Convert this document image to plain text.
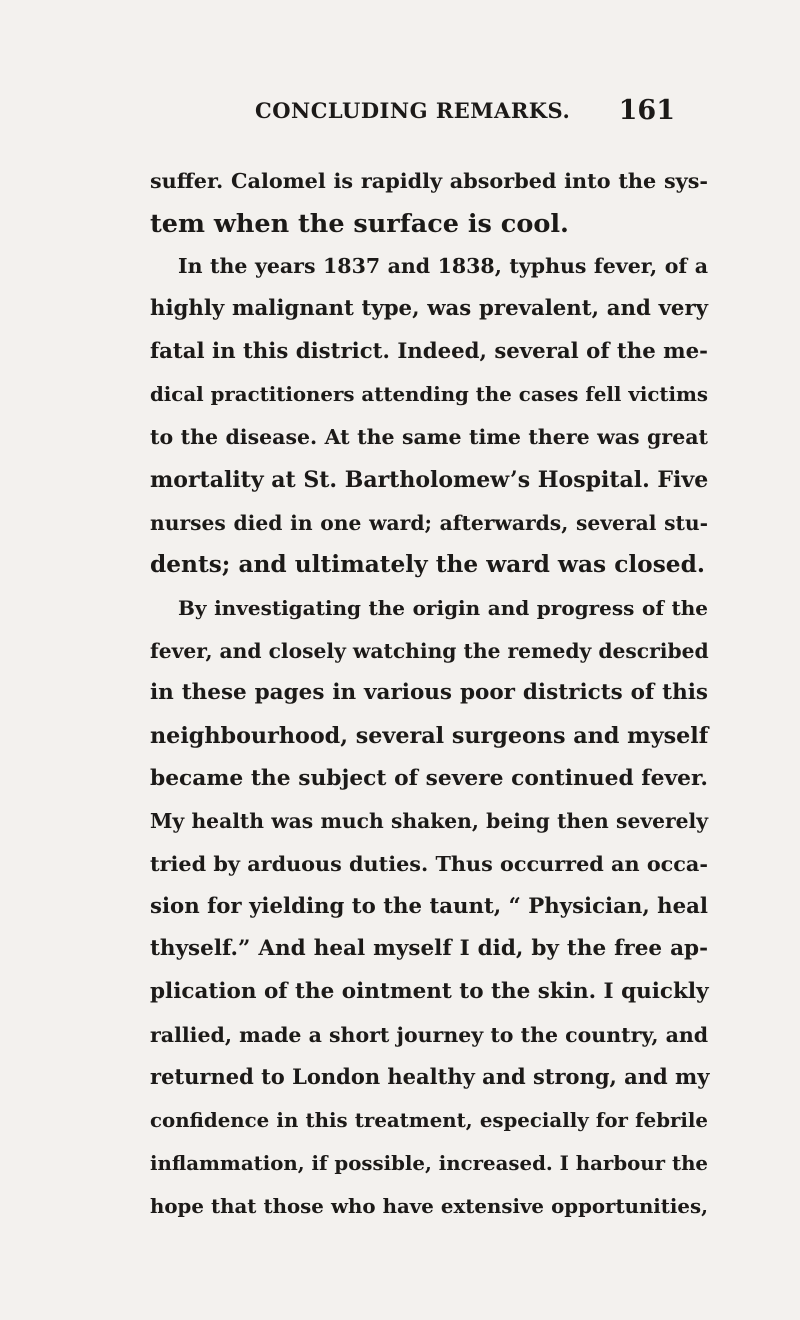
CONCLUDING REMARKS. 161
suffer. Calomel is rapidly absorbed into the sys-
tem when the surface is cool.
In the years 1837 and 1838, typhus fever, of a
highly malignant type, was prevalent, and very
fatal in this district. Indeed, several of the me-
dical practitioners attending the cases fell victims
to the disease. At the same time there was great
mortality at St. Bartholomew’s Hospital. Five
nurses died in one ward; afterwards, several stu-
dents; and ultimately the ward was closed.
By investigating the origin and progress of the
fever, and closely watching the remedy described
in these pages in various poor districts of this
neighbourhood, several surgeons and myself
became the subject of severe continued fever.
My health was much shaken, being then severely
tried by arduous duties. Thus occurred an occa-
sion for yielding to the taunt, “ Physician, heal
thyself.” And heal myself I did, by the free ap-
plication of the ointment to the skin. I quickly
rallied, made a short journey to the country, and
returned to London healthy and strong, and my
confidence in this treatment, especially for febrile
inflammation, if possible, increased. I harbour the
hope that those who have extensive opportunities,
